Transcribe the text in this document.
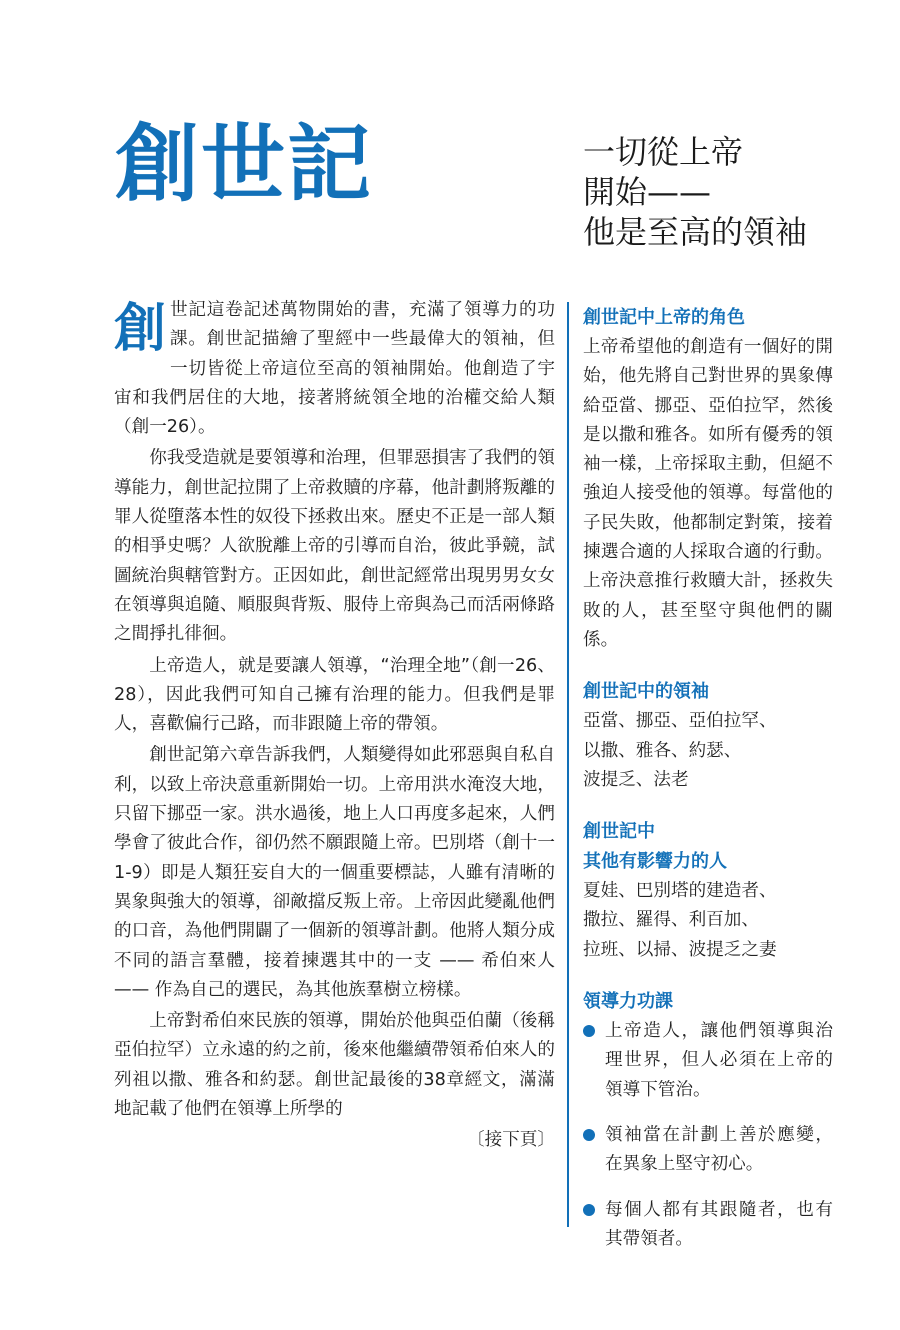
創世記	一切從上帝
開始——
他是至高的領袖

創世記這卷記述萬物開始的書，充滿了領導力的功課。創世記描繪了聖經中一些最偉大的領袖，但一切皆從上帝這位至高的領袖開始。他創造了宇宙和我們居住的大地，接著將統領全地的治權交給人類（創一26）。

你我受造就是要領導和治理，但罪惡損害了我們的領導能力，創世記拉開了上帝救贖的序幕，他計劃將叛離的罪人從墮落本性的奴役下拯救出來。歷史不正是一部人類的相爭史嗎？人欲脫離上帝的引導而自治，彼此爭競，試圖統治與轄管對方。正因如此，創世記經常出現男男女女在領導與追隨、順服與背叛、服侍上帝與為己而活兩條路之間掙扎徘徊。

上帝造人，就是要讓人領導，“治理全地”（創一26、28），因此我們可知自己擁有治理的能力。但我們是罪人，喜歡偏行己路，而非跟隨上帝的帶領。

創世記第六章告訴我們，人類變得如此邪惡與自私自利，以致上帝決意重新開始一切。上帝用洪水淹沒大地，只留下挪亞一家。洪水過後，地上人口再度多起來，人們學會了彼此合作，卻仍然不願跟隨上帝。巴別塔（創十一1-9）即是人類狂妄自大的一個重要標誌，人雖有清晰的異象與強大的領導，卻敵擋反叛上帝。上帝因此變亂他們的口音，為他們開闢了一個新的領導計劃。他將人類分成不同的語言羣體，接着揀選其中的一支 —— 希伯來人 —— 作為自己的選民，為其他族羣樹立榜樣。

上帝對希伯來民族的領導，開始於他與亞伯蘭（後稱亞伯拉罕）立永遠的約之前，後來他繼續帶領希伯來人的列祖以撒、雅各和約瑟。創世記最後的38章經文，滿滿地記載了他們在領導上所學的

〔接下頁〕
創世記中上帝的角色
上帝希望他的創造有一個好的開始，他先將自己對世界的異象傳給亞當、挪亞、亞伯拉罕，然後是以撒和雅各。如所有優秀的領袖一樣，上帝採取主動，但絕不強迫人接受他的領導。每當他的子民失敗，他都制定對策，接着揀選合適的人採取合適的行動。上帝決意推行救贖大計，拯救失敗的人，甚至堅守與他們的關係。
創世記中的領袖
亞當、挪亞、亞伯拉罕、
以撒、雅各、約瑟、
波提乏、法老
創世記中
其他有影響力的人
夏娃、巴別塔的建造者、
撒拉、羅得、利百加、
拉班、以掃、波提乏之妻
領導力功課
上帝造人，讓他們領導與治理世界，但人必須在上帝的領導下管治。
領袖當在計劃上善於應變，在異象上堅守初心。
每個人都有其跟隨者，也有其帶領者。
